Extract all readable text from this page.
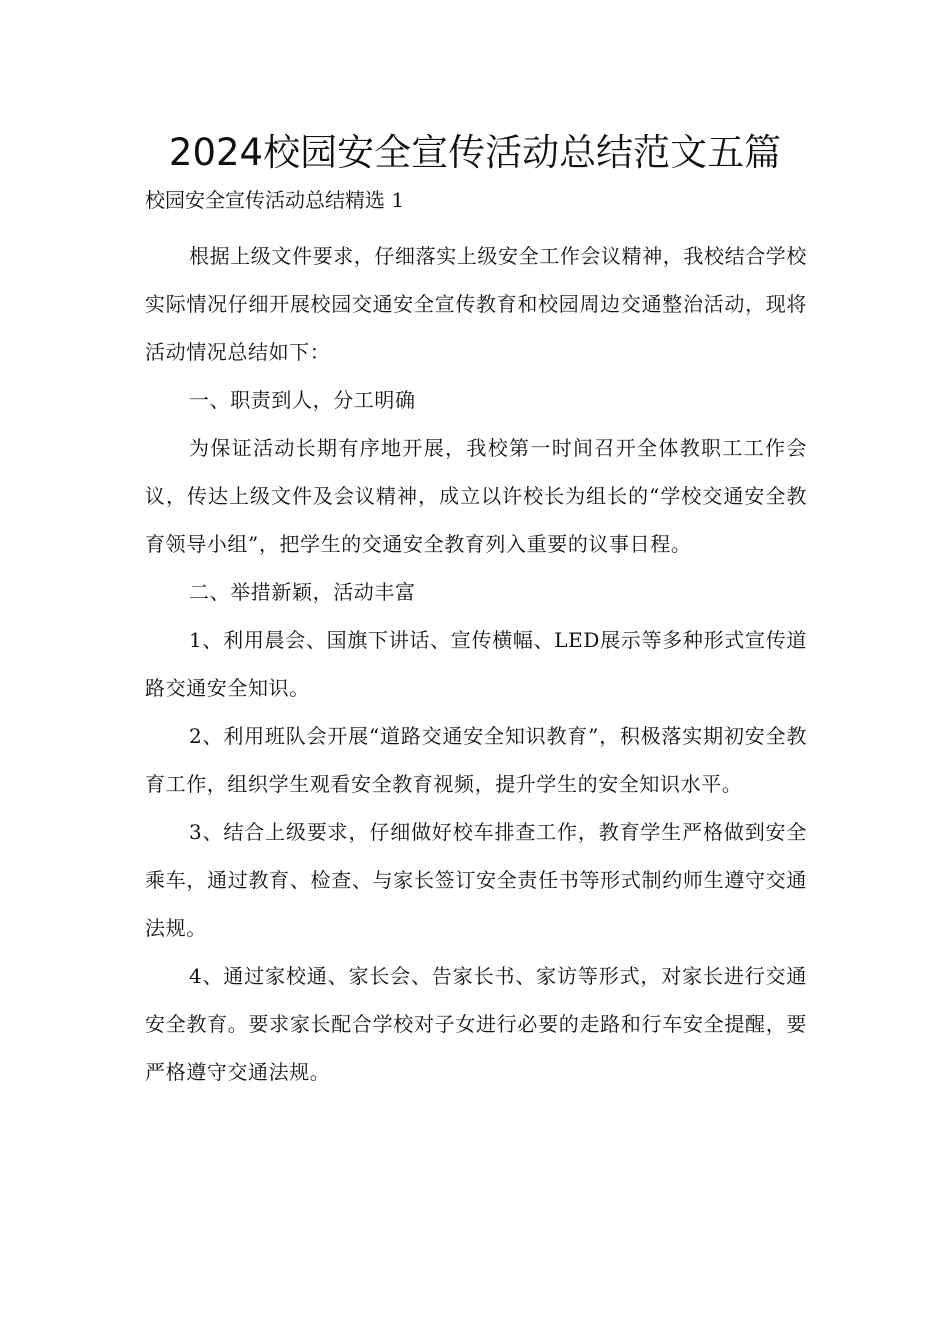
2024校园安全宣传活动总结范文五篇

校园安全宣传活动总结精选 1

根据上级文件要求，仔细落实上级安全工作会议精神，我校结合学校实际情况仔细开展校园交通安全宣传教育和校园周边交通整治活动，现将活动情况总结如下：

一、职责到人，分工明确

为保证活动长期有序地开展，我校第一时间召开全体教职工工作会议，传达上级文件及会议精神，成立以许校长为组长的“学校交通安全教育领导小组”，把学生的交通安全教育列入重要的议事日程。

二、举措新颖，活动丰富

1、利用晨会、国旗下讲话、宣传横幅、LED展示等多种形式宣传道路交通安全知识。

2、利用班队会开展“道路交通安全知识教育”，积极落实期初安全教育工作，组织学生观看安全教育视频，提升学生的安全知识水平。

3、结合上级要求，仔细做好校车排查工作，教育学生严格做到安全乘车，通过教育、检查、与家长签订安全责任书等形式制约师生遵守交通法规。

4、通过家校通、家长会、告家长书、家访等形式，对家长进行交通安全教育。要求家长配合学校对子女进行必要的走路和行车安全提醒，要严格遵守交通法规。
